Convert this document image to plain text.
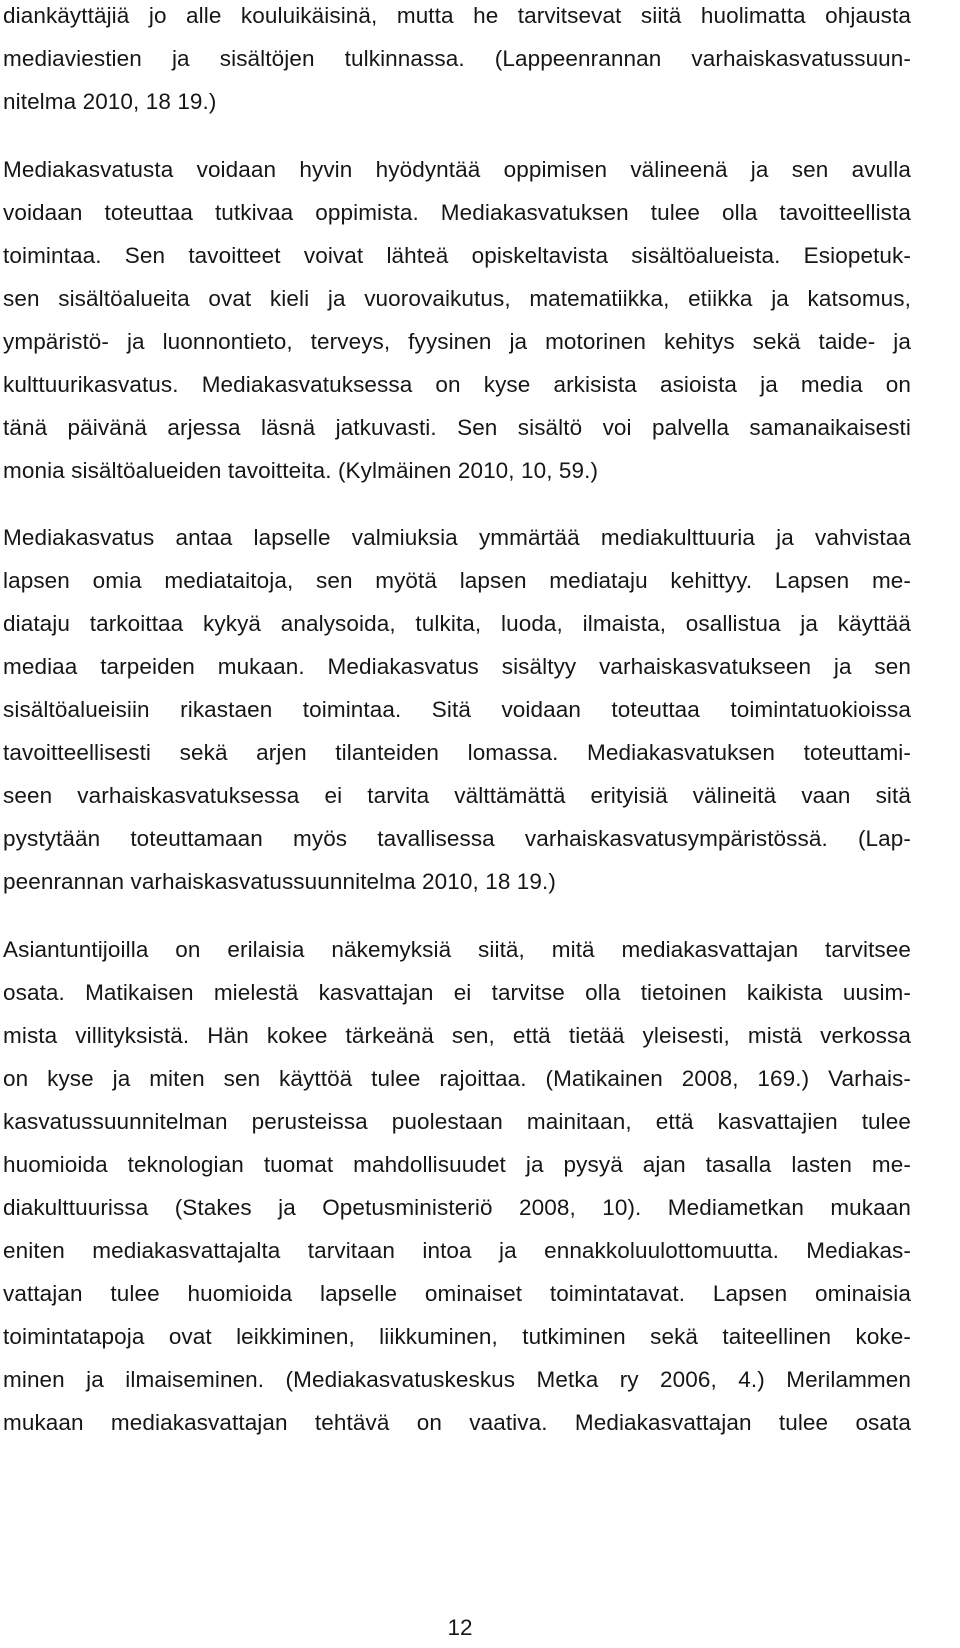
diankäyttäjiä jo alle kouluikäisinä, mutta he tarvitsevat siitä huolimatta ohjausta
mediaviestien ja sisältöjen tulkinnassa. (Lappeenrannan varhaiskasvatussuun-
nitelma 2010, 18 19.)
Mediakasvatusta voidaan hyvin hyödyntää oppimisen välineenä ja sen avulla
voidaan toteuttaa tutkivaa oppimista. Mediakasvatuksen tulee olla tavoitteellista
toimintaa. Sen tavoitteet voivat lähteä opiskeltavista sisältöalueista. Esiopetuk-
sen sisältöalueita ovat kieli ja vuorovaikutus, matematiikka, etiikka ja katsomus,
ympäristö- ja luonnontieto, terveys, fyysinen ja motorinen kehitys sekä taide- ja
kulttuurikasvatus. Mediakasvatuksessa on kyse arkisista asioista ja media on
tänä päivänä arjessa läsnä jatkuvasti. Sen sisältö voi palvella samanaikaisesti
monia sisältöalueiden tavoitteita. (Kylmäinen 2010, 10, 59.)
Mediakasvatus antaa lapselle valmiuksia ymmärtää mediakulttuuria ja vahvistaa
lapsen omia mediataitoja, sen myötä lapsen mediataju kehittyy. Lapsen me-
diataju tarkoittaa kykyä analysoida, tulkita, luoda, ilmaista, osallistua ja käyttää
mediaa tarpeiden mukaan. Mediakasvatus sisältyy varhaiskasvatukseen ja sen
sisältöalueisiin rikastaen toimintaa. Sitä voidaan toteuttaa toimintatuokioissa
tavoitteellisesti sekä arjen tilanteiden lomassa. Mediakasvatuksen toteuttami-
seen varhaiskasvatuksessa ei tarvita välttämättä erityisiä välineitä vaan sitä
pystytään toteuttamaan myös tavallisessa varhaiskasvatusympäristössä. (Lap-
peenrannan varhaiskasvatussuunnitelma 2010, 18 19.)
Asiantuntijoilla on erilaisia näkemyksiä siitä, mitä mediakasvattajan tarvitsee
osata. Matikaisen mielestä kasvattajan ei tarvitse olla tietoinen kaikista uusim-
mista villityksistä. Hän kokee tärkeänä sen, että tietää yleisesti, mistä verkossa
on kyse ja miten sen käyttöä tulee rajoittaa. (Matikainen 2008, 169.) Varhais-
kasvatussuunnitelman perusteissa puolestaan mainitaan, että kasvattajien tulee
huomioida teknologian tuomat mahdollisuudet ja pysyä ajan tasalla lasten me-
diakulttuurissa (Stakes ja Opetusministeriö 2008, 10). Mediametkan mukaan
eniten mediakasvattajalta tarvitaan intoa ja ennakkoluulottomuutta. Mediakas-
vattajan tulee huomioida lapselle ominaiset toimintatavat. Lapsen ominaisia
toimintatapoja ovat leikkiminen, liikkuminen, tutkiminen sekä taiteellinen koke-
minen ja ilmaiseminen. (Mediakasvatuskeskus Metka ry 2006, 4.) Merilammen
mukaan mediakasvattajan tehtävä on vaativa. Mediakasvattajan tulee osata
12
